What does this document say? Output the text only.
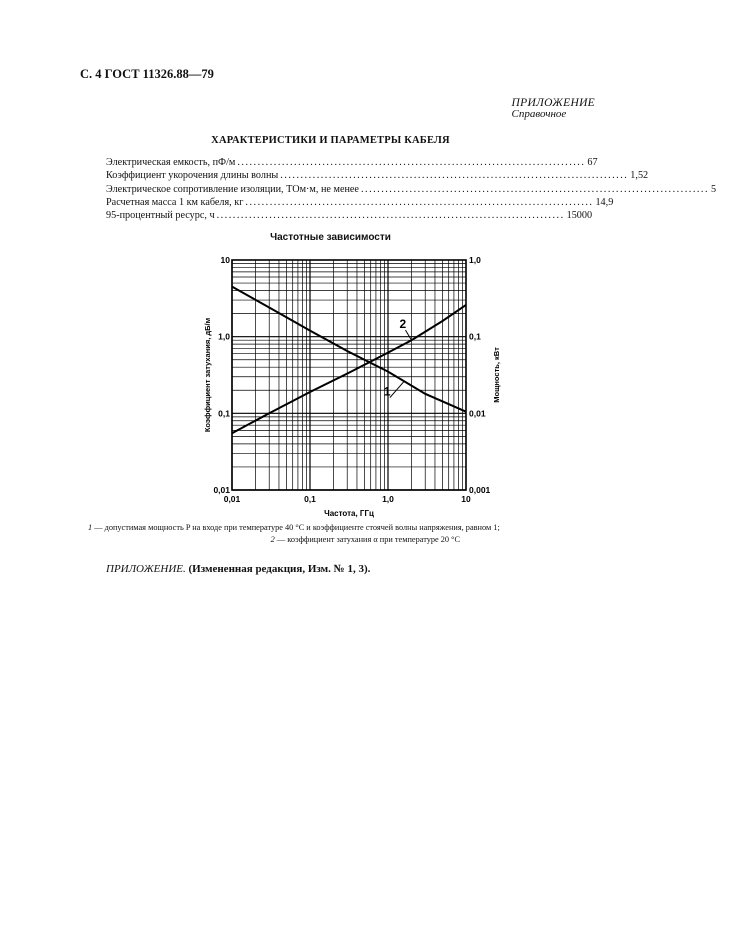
С. 4 ГОСТ 11326.88—79
ПРИЛОЖЕНИЕ
Справочное
ХАРАКТЕРИСТИКИ И ПАРАМЕТРЫ КАБЕЛЯ
Электрическая емкость, пФ/м ...................................................................................... 67
Коэффициент укорочения длины волны ...................................................................................... 1,52
Электрическое сопротивление изоляции, ТОм·м, не менее ...................................................................................... 5
Расчетная масса 1 км кабеля, кг ...................................................................................... 14,9
95-процентный ресурс, ч ...................................................................................... 15000
Частотные зависимости
0,01	0,1	1,0	10
0,01
0,1
1,0
10
0,001
0,01
0,1
1,0
Частота, ГГц
Коэффициент затухания, дБ/м	Мощность, кВт
2
1
1 — допустимая мощность P на входе при температуре 40 °С и коэффициенте стоячей волны напряжения, равном 1;
2 — коэффициент затухания α при температуре 20 °С
ПРИЛОЖЕНИЕ. (Измененная редакция, Изм. № 1, 3).
